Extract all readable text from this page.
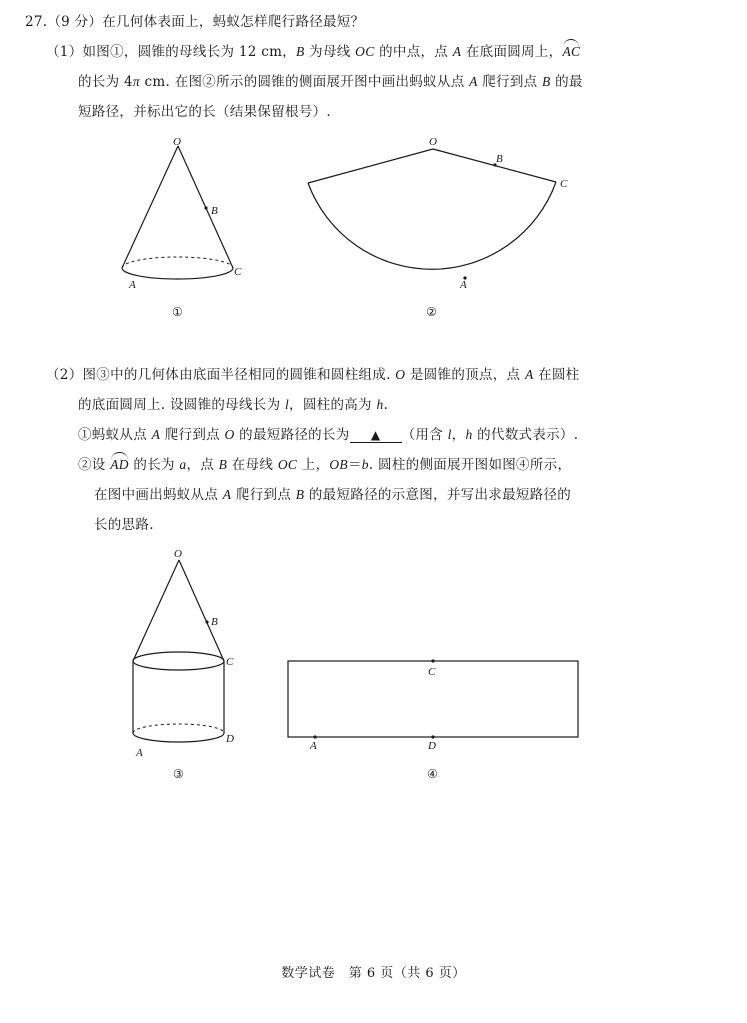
27.（9 分）在几何体表面上，蚂蚁怎样爬行路径最短？
（1）如图①，圆锥的母线长为 12 cm，B 为母线 OC 的中点，点 A 在底面圆周上，AC
的长为 4π cm. 在图②所示的圆锥的侧面展开图中画出蚂蚁从点 A 爬行到点 B 的最
短路径，并标出它的长（结果保留根号）.
O
B
C
A
①
O
B
C
A
②
（2）图③中的几何体由底面半径相同的圆锥和圆柱组成. O 是圆锥的顶点，点 A 在圆柱
的底面圆周上. 设圆锥的母线长为 l，圆柱的高为 h.
①蚂蚁从点 A 爬行到点 O 的最短路径的长为 ▲ （用含 l，h 的代数式表示）.
②设 AD 的长为 a，点 B 在母线 OC 上，OB＝b. 圆柱的侧面展开图如图④所示，
在图中画出蚂蚁从点 A 爬行到点 B 的最短路径的示意图，并写出求最短路径的
长的思路.
O
B
C
D
A
③
C
A	D
④
数学试卷　第 6 页（共 6 页）
